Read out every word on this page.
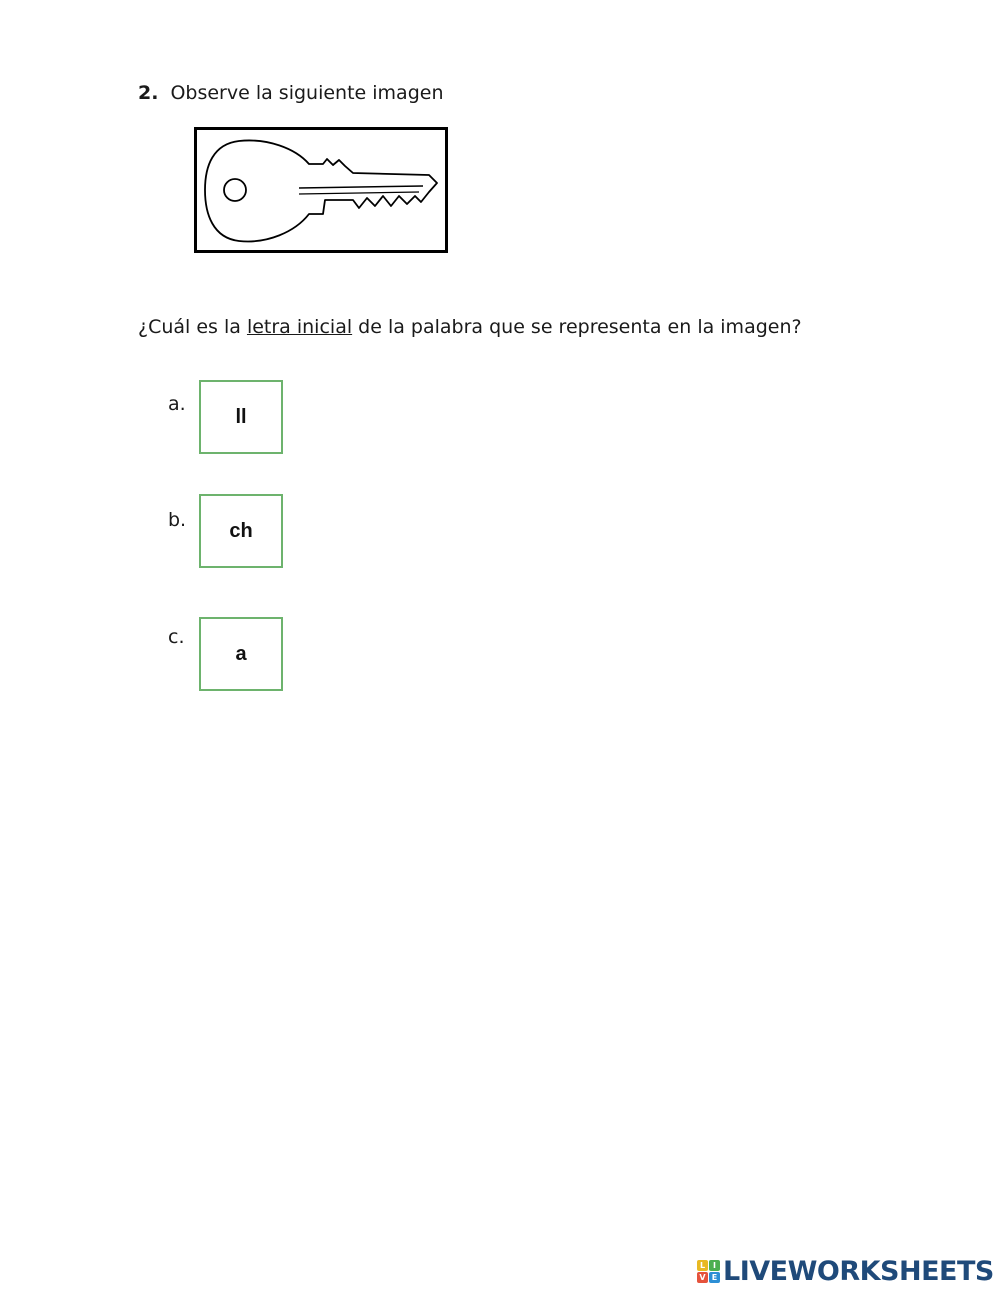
2. Observe la siguiente imagen
¿Cuál es la letra inicial de la palabra que se representa en la imagen?
a.
ll
b. ch
c.
a
L I
V E LIVEWORKSHEETS
